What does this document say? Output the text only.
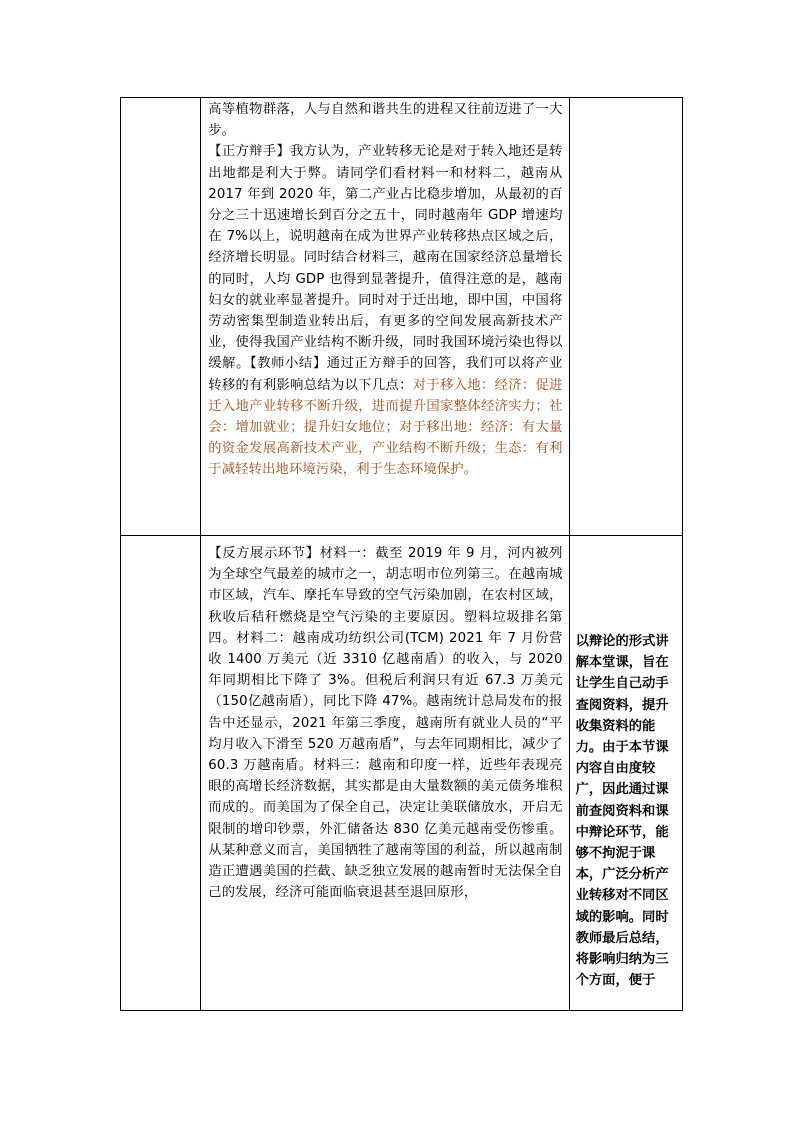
	高等植物群落，人与自然和谐共生的进程又往前迈进了一大步。
【正方辩手】我方认为，产业转移无论是对于转入地还是转出地都是利大于弊。请同学们看材料一和材料二，越南从 2017 年到 2020 年，第二产业占比稳步增加，从最初的百分之三十迅速增长到百分之五十，同时越南年 GDP 增速均在 7%以上，说明越南在成为世界产业转移热点区域之后，经济增长明显。同时结合材料三，越南在国家经济总量增长的同时，人均 GDP 也得到显著提升，值得注意的是，越南妇女的就业率显著提升。同时对于迁出地，即中国，中国将劳动密集型制造业转出后，有更多的空间发展高新技术产业，使得我国产业结构不断升级，同时我国环境污染也得以缓解。【教师小结】通过正方辩手的回答，我们可以将产业转移的有利影响总结为以下几点：对于移入地：经济：促进迁入地产业转移不断升级，进而提升国家整体经济实力；社会：增加就业；提升妇女地位；对于移出地：经济：有大量的资金发展高新技术产业，产业结构不断升级；生态：有利于减轻转出地环境污染，利于生态环境保护。	

	【反方展示环节】材料一：截至 2019 年 9 月，河内被列为全球空气最差的城市之一，胡志明市位列第三。在越南城市区域，汽车、摩托车导致的空气污染加剧，在农村区域，秋收后秸秆燃烧是空气污染的主要原因。塑料垃圾排名第四。材料二：越南成功纺织公司(TCM) 2021 年 7 月份营收 1400 万美元（近 3310 亿越南盾）的收入，与 2020 年同期相比下降了 3%。但税后利润只有近 67.3 万美元（150亿越南盾），同比下降 47%。越南统计总局发布的报告中还显示，2021 年第三季度，越南所有就业人员的“平均月收入下滑至 520 万越南盾”，与去年同期相比，减少了 60.3 万越南盾。材料三：越南和印度一样，近些年表现亮眼的高增长经济数据，其实都是由大量数额的美元债务堆积而成的。而美国为了保全自己，决定让美联储放水，开启无限制的增印钞票，外汇储备达 830 亿美元越南受伤惨重。从某种意义而言，美国牺牲了越南等国的利益，所以越南制造正遭遇美国的拦截、缺乏独立发展的越南暂时无法保全自己的发展，经济可能面临衰退甚至退回原形，	以辩论的形式讲解本堂课，旨在让学生自己动手查阅资料，提升收集资料的能力。由于本节课内容自由度较广，因此通过课前查阅资料和课中辩论环节，能够不拘泥于课本，广泛分析产业转移对不同区域的影响。同时教师最后总结，将影响归纳为三个方面，便于
